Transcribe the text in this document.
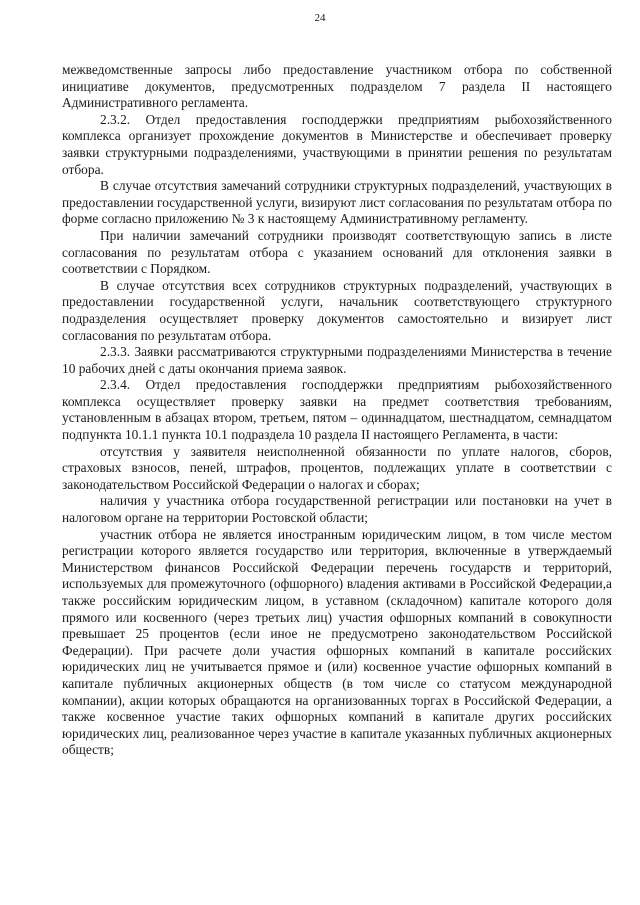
24

межведомственные запросы либо предоставление участником отбора по собственной инициативе документов, предусмотренных подразделом 7 раздела II настоящего Административного регламента.

2.3.2. Отдел предоставления господдержки предприятиям рыбохозяйственного комплекса организует прохождение документов в Министерстве и обеспечивает проверку заявки структурными подразделениями, участвующими в принятии решения по результатам отбора.

В случае отсутствия замечаний сотрудники структурных подразделений, участвующих в предоставлении государственной услуги, визируют лист согласования по результатам отбора по форме согласно приложению № 3 к настоящему Административному регламенту.

При наличии замечаний сотрудники производят соответствующую запись в листе согласования по результатам отбора с указанием оснований для отклонения заявки в соответствии с Порядком.

В случае отсутствия всех сотрудников структурных подразделений, участвующих в предоставлении государственной услуги, начальник соответствующего структурного подразделения осуществляет проверку документов самостоятельно и визирует лист согласования по результатам отбора.

2.3.3. Заявки рассматриваются структурными подразделениями Министерства в течение 10 рабочих дней с даты окончания приема заявок.

2.3.4. Отдел предоставления господдержки предприятиям рыбохозяйственного комплекса осуществляет проверку заявки на предмет соответствия требованиям, установленным в абзацах втором, третьем, пятом – одиннадцатом, шестнадцатом, семнадцатом подпункта 10.1.1 пункта 10.1 подраздела 10 раздела II настоящего Регламента, в части:

отсутствия у заявителя неисполненной обязанности по уплате налогов, сборов, страховых взносов, пеней, штрафов, процентов, подлежащих уплате в соответствии с законодательством Российской Федерации о налогах и сборах;

наличия у участника отбора государственной регистрации или постановки на учет в налоговом органе на территории Ростовской области;

участник отбора не является иностранным юридическим лицом, в том числе местом регистрации которого является государство или территория, включенные в утверждаемый Министерством финансов Российской Федерации перечень государств и территорий, используемых для промежуточного (офшорного) владения активами в Российской Федерации,а также российским юридическим лицом, в уставном (складочном) капитале которого доля прямого или косвенного (через третьих лиц) участия офшорных компаний в совокупности превышает 25 процентов (если иное не предусмотрено законодательством Российской Федерации). При расчете доли участия офшорных компаний в капитале российских юридических лиц не учитывается прямое и (или) косвенное участие офшорных компаний в капитале публичных акционерных обществ (в том числе со статусом международной компании), акции которых обращаются на организованных торгах в Российской Федерации, а также косвенное участие таких офшорных компаний в капитале других российских юридических лиц, реализованное через участие в капитале указанных публичных акционерных обществ;
